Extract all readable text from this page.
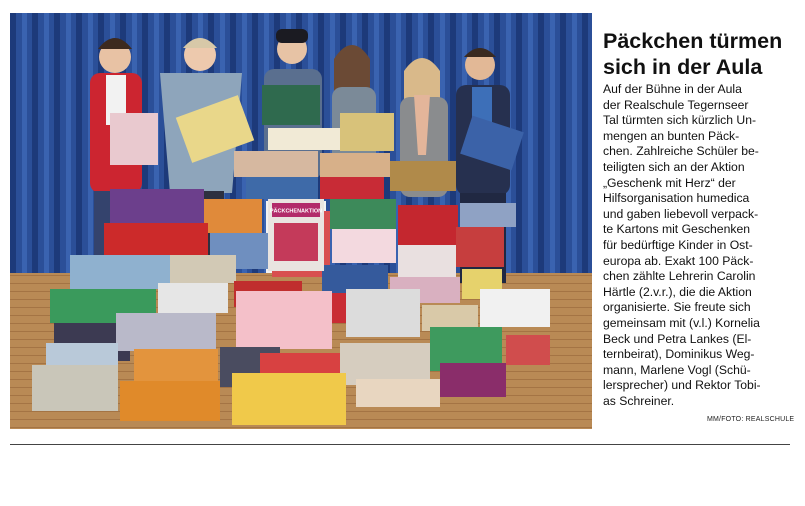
PÄCKCHENAKTION
Päckchen türmen
sich in der Aula
Auf der Bühne in der Aula
der Realschule Tegernseer
Tal türmten sich kürzlich Un-
mengen an bunten Päck-
chen. Zahlreiche Schüler be-
teiligten sich an der Aktion
„Geschenk mit Herz“ der
Hilfsorganisation humedica
und gaben liebevoll verpack-
te Kartons mit Geschenken
für bedürftige Kinder in Ost-
europa ab. Exakt 100 Päck-
chen zählte Lehrerin Carolin
Härtle (2.v.r.), die die Aktion
organisierte. Sie freute sich
gemeinsam mit (v.l.) Kornelia
Beck und Petra Lankes (El-
ternbeirat), Dominikus Weg-
mann, Marlene Vogl (Schü-
lersprecher) und Rektor Tobi-
as Schreiner.
MM/FOTO: REALSCHULE
